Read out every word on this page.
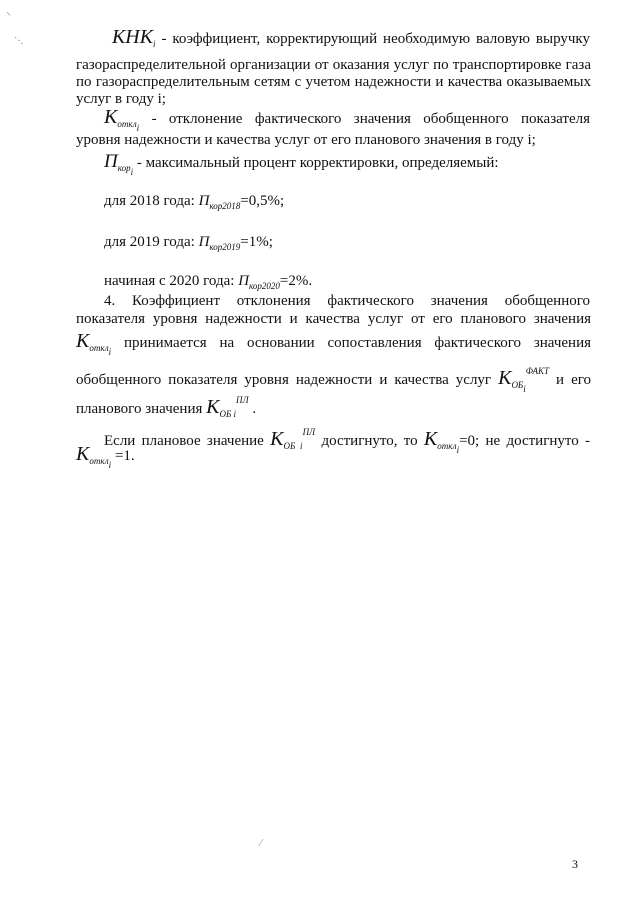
⸌
˙·.
⁄
$КНК_i$ - коэффициент, корректирующий необходимую валовую выручку
газораспределительной организации от оказания услуг по транспортировке газа
по газораспределительным сетям с учетом надежности и качества оказываемых
услуг в году i;
$K_{откл_i}$ - отклонение фактического значения обобщенного показателя
уровня надежности и качества услуг от его планового значения в году i;
$П_{кор_i}$ - максимальный процент корректировки, определяемый:
для 2018 года: $П_{кор2018}=0,5\%$;
для 2019 года: $П_{кор2019}=1\%$;
начиная с 2020 года: $П_{кор2020}=2\%$.
4. Коэффициент отклонения фактического значения обобщенного
показателя уровня надежности и качества услуг от его планового значения
$K_{откл_i}$ принимается на основании сопоставления фактического значения
обобщенного показателя уровня надежности и качества услуг $K_{ОБ_i}^{ФАКТ}$ и его
планового значения $K_{ОБ i}^{ПЛ}$ .
Если плановое значение $K_{ОБ i}^{ПЛ}$ достигнуто, то $K_{откл_i}=0$; не достигнуто -
$K_{откл_i} =1$.
3
